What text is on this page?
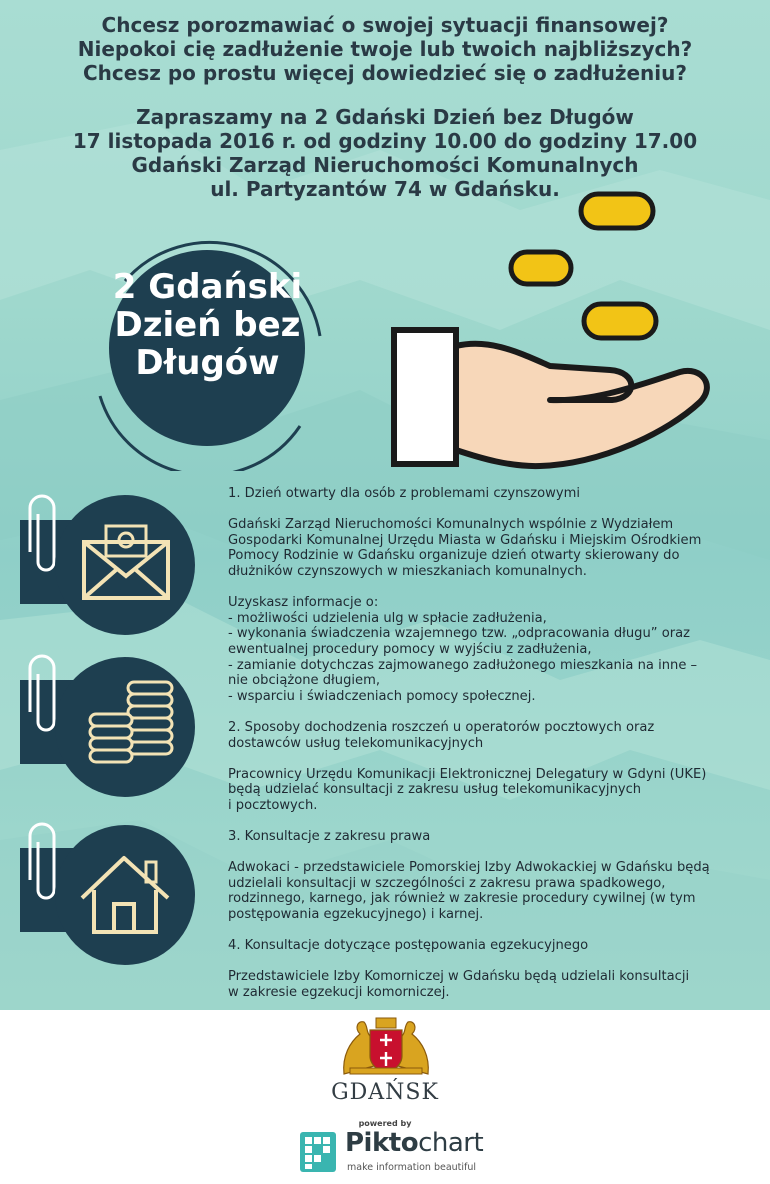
Chcesz porozmawiać o swojej sytuacji finansowej?
Niepokoi cię zadłużenie twoje lub twoich najbliższych?
Chcesz po prostu więcej dowiedzieć się o zadłużeniu?
Zapraszamy na 2 Gdański Dzień bez Długów
17 listopada 2016 r. od godziny 10.00 do godziny 17.00
Gdański Zarząd Nieruchomości Komunalnych
ul. Partyzantów 74 w Gdańsku.
2 Gdański
Dzień bez
Długów

1. Dzień otwarty dla osób z problemami czynszowymi

Gdański Zarząd Nieruchomości Komunalnych wspólnie z Wydziałem
Gospodarki Komunalnej Urzędu Miasta w Gdańsku i Miejskim Ośrodkiem
Pomocy Rodzinie w Gdańsku organizuje dzień otwarty skierowany do
dłużników czynszowych w mieszkaniach komunalnych.

Uzyskasz informacje o:
- możliwości udzielenia ulg w spłacie zadłużenia,
- wykonania świadczenia wzajemnego tzw. „odpracowania długu” oraz
ewentualnej procedury pomocy w wyjściu z zadłużenia,
- zamianie dotychczas zajmowanego zadłużonego mieszkania na inne –
nie obciążone długiem,
- wsparciu i świadczeniach pomocy społecznej.

2. Sposoby dochodzenia roszczeń u operatorów pocztowych oraz
dostawców usług telekomunikacyjnych

Pracownicy Urzędu Komunikacji Elektronicznej Delegatury w Gdyni (UKE)
będą udzielać konsultacji z zakresu usług telekomunikacyjnych
i pocztowych.

3. Konsultacje z zakresu prawa

Adwokaci - przedstawiciele Pomorskiej Izby Adwokackiej w Gdańsku będą
udzielali konsultacji w szczególności z zakresu prawa spadkowego,
rodzinnego, karnego, jak również w zakresie procedury cywilnej (w tym
postępowania egzekucyjnego) i karnej.

4. Konsultacje dotyczące postępowania egzekucyjnego

Przedstawiciele Izby Komorniczej w Gdańsku będą udzielali konsultacji
w zakresie egzekucji komorniczej.

GDAŃSK
powered by
Piktochart
make information beautiful
